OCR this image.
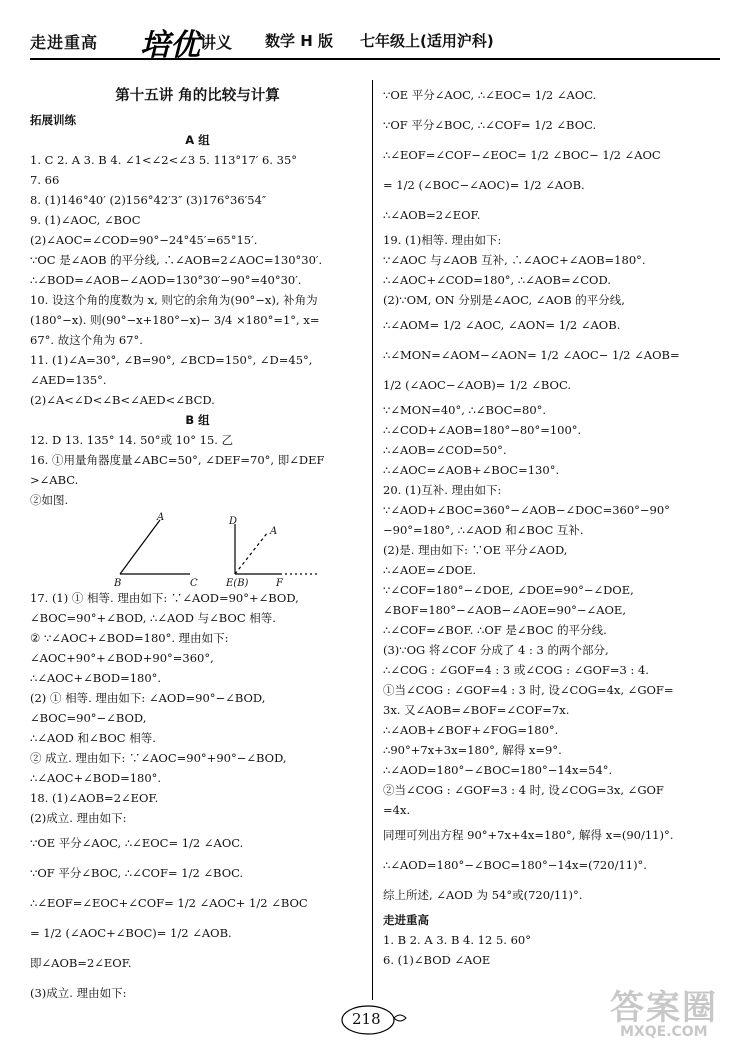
走进重高 培优 讲义 数学 H 版 七年级上(适用沪科)
第十五讲 角的比较与计算
拓展训练
A 组
1. C 2. A 3. B 4. ∠1<∠2<∠3 5. 113°17′ 6. 35°
7. 66
8. (1)146°40′ (2)156°42′3″ (3)176°36′54″
9. (1)∠AOC, ∠BOC
(2)∠AOC=∠COD=90°−24°45′=65°15′.
∵OC 是∠AOB 的平分线, ∴∠AOB=2∠AOC=130°30′.
∴∠BOD=∠AOB−∠AOD=130°30′−90°=40°30′.
10. 设这个角的度数为 x, 则它的余角为(90°−x), 补角为
(180°−x). 则(90°−x+180°−x)− 3/4 ×180°=1°, x=
67°. 故这个角为 67°.
11. (1)∠A=30°, ∠B=90°, ∠BCD=150°, ∠D=45°,
∠AED=135°.
(2)∠A<∠D<∠B<∠AED<∠BCD.
B 组
12. D 13. 135° 14. 50°或 10° 15. 乙
16. ①用量角器度量∠ABC=50°, ∠DEF=70°, 即∠DEF
>∠ABC.
②如图.
A
B	C
D
E(B)	F
A
17. (1) ① 相等. 理由如下: ∵∠AOD=90°+∠BOD,
∠BOC=90°+∠BOD, ∴∠AOD 与∠BOC 相等.
② ∵∠AOC+∠BOD=180°. 理由如下:
∠AOC+90°+∠BOD+90°=360°,
∴∠AOC+∠BOD=180°.
(2) ① 相等. 理由如下: ∠AOD=90°−∠BOD,
∠BOC=90°−∠BOD,
∴∠AOD 和∠BOC 相等.
② 成立. 理由如下: ∵∠AOC=90°+90°−∠BOD,
∴∠AOC+∠BOD=180°.
18. (1)∠AOB=2∠EOF.
(2)成立. 理由如下:
∵OE 平分∠AOC, ∴∠EOC= 1/2 ∠AOC.
∵OF 平分∠BOC, ∴∠COF= 1/2 ∠BOC.
∴∠EOF=∠EOC+∠COF= 1/2 ∠AOC+ 1/2 ∠BOC
= 1/2 (∠AOC+∠BOC)= 1/2 ∠AOB.
即∠AOB=2∠EOF.
(3)成立. 理由如下:
∵OE 平分∠AOC, ∴∠EOC= 1/2 ∠AOC.
∵OF 平分∠BOC, ∴∠COF= 1/2 ∠BOC.
∴∠EOF=∠COF−∠EOC= 1/2 ∠BOC− 1/2 ∠AOC
= 1/2 (∠BOC−∠AOC)= 1/2 ∠AOB.
∴∠AOB=2∠EOF.
19. (1)相等. 理由如下:
∵∠AOC 与∠AOB 互补, ∴∠AOC+∠AOB=180°.
∴∠AOC+∠COD=180°, ∴∠AOB=∠COD.
(2)∵OM, ON 分别是∠AOC, ∠AOB 的平分线,
∴∠AOM= 1/2 ∠AOC, ∠AON= 1/2 ∠AOB.
∴∠MON=∠AOM−∠AON= 1/2 ∠AOC− 1/2 ∠AOB=
1/2 (∠AOC−∠AOB)= 1/2 ∠BOC.
∵∠MON=40°, ∴∠BOC=80°.
∴∠COD+∠AOB=180°−80°=100°.
∴∠AOB=∠COD=50°.
∴∠AOC=∠AOB+∠BOC=130°.
20. (1)互补. 理由如下:
∵∠AOD+∠BOC=360°−∠AOB−∠DOC=360°−90°
−90°=180°, ∴∠AOD 和∠BOC 互补.
(2)是. 理由如下: ∵OE 平分∠AOD,
∴∠AOE=∠DOE.
∵∠COF=180°−∠DOE, ∠DOE=90°−∠DOE,
∠BOF=180°−∠AOB−∠AOE=90°−∠AOE,
∴∠COF=∠BOF. ∴OF 是∠BOC 的平分线.
(3)∵OG 将∠COF 分成了 4 : 3 的两个部分,
∴∠COG : ∠GOF=4 : 3 或∠COG : ∠GOF=3 : 4.
①当∠COG : ∠GOF=4 : 3 时, 设∠COG=4x, ∠GOF=
3x. 又∠AOB=∠BOF=∠COF=7x.
∴∠AOB+∠BOF+∠FOG=180°.
∴90°+7x+3x=180°, 解得 x=9°.
∴∠AOD=180°−∠BOC=180°−14x=54°.
②当∠COG : ∠GOF=3 : 4 时, 设∠COG=3x, ∠GOF
=4x.
同理可列出方程 90°+7x+4x=180°, 解得 x=(90/11)°.
∴∠AOD=180°−∠BOC=180°−14x=(720/11)°.
综上所述, ∠AOD 为 54°或(720/11)°.
走进重高
1. B 2. A 3. B 4. 12 5. 60°
6. (1)∠BOD ∠AOE
218	答案圈
MXQE.COM
